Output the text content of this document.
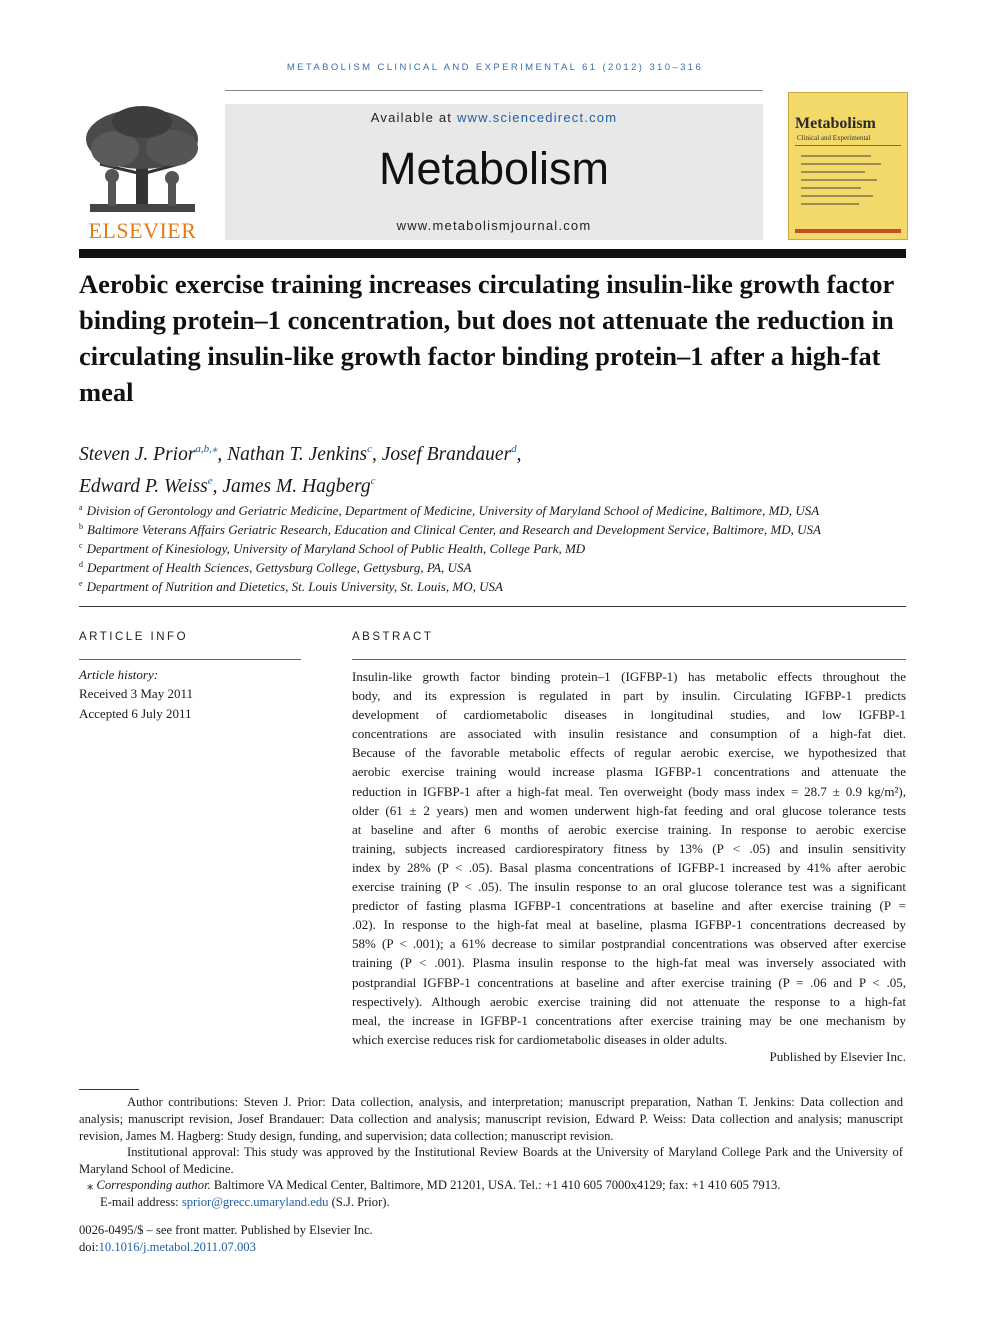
METABOLISM CLINICAL AND EXPERIMENTAL 61 (2012) 310–316
ELSEVIER
Available at www.sciencedirect.com
Metabolism
www.metabolismjournal.com
Metabolism
Clinical and Experimental
Aerobic exercise training increases circulating insulin-like growth factor binding protein–1 concentration, but does not attenuate the reduction in circulating insulin-like growth factor binding protein–1 after a high-fat meal
Steven J. Prior$^{a,b,⁎}$, Nathan T. Jenkins$^c$, Josef Brandauer$^d$,
Edward P. Weiss$^e$, James M. Hagberg$^c$
$^a$ Division of Gerontology and Geriatric Medicine, Department of Medicine, University of Maryland School of Medicine, Baltimore, MD, USA
$^b$ Baltimore Veterans Affairs Geriatric Research, Education and Clinical Center, and Research and Development Service, Baltimore, MD, USA
$^c$ Department of Kinesiology, University of Maryland School of Public Health, College Park, MD
$^d$ Department of Health Sciences, Gettysburg College, Gettysburg, PA, USA
$^e$ Department of Nutrition and Dietetics, St. Louis University, St. Louis, MO, USA
ARTICLE INFO
Article history:
Received 3 May 2011
Accepted 6 July 2011
ABSTRACT
Insulin-like growth factor binding protein–1 (IGFBP-1) has metabolic effects throughout the
body, and its expression is regulated in part by insulin. Circulating IGFBP-1 predicts
development of cardiometabolic diseases in longitudinal studies, and low IGFBP-1
concentrations are associated with insulin resistance and consumption of a high-fat diet.
Because of the favorable metabolic effects of regular aerobic exercise, we hypothesized that
aerobic exercise training would increase plasma IGFBP-1 concentrations and attenuate the
reduction in IGFBP-1 after a high-fat meal. Ten overweight (body mass index = 28.7 ± 0.9 kg/m²),
older (61 ± 2 years) men and women underwent high-fat feeding and oral glucose tolerance tests
at baseline and after 6 months of aerobic exercise training. In response to aerobic exercise
training, subjects increased cardiorespiratory fitness by 13% (P < .05) and insulin sensitivity
index by 28% (P < .05). Basal plasma concentrations of IGFBP-1 increased by 41% after aerobic
exercise training (P < .05). The insulin response to an oral glucose tolerance test was a significant
predictor of fasting plasma IGFBP-1 concentrations at baseline and after exercise training (P =
.02). In response to the high-fat meal at baseline, plasma IGFBP-1 concentrations decreased by
58% (P < .001); a 61% decrease to similar postprandial concentrations was observed after exercise
training (P < .001). Plasma insulin response to the high-fat meal was inversely associated with
postprandial IGFBP-1 concentrations at baseline and after exercise training (P = .06 and P < .05,
respectively). Although aerobic exercise training did not attenuate the response to a high-fat
meal, the increase in IGFBP-1 concentrations after exercise training may be one mechanism by
which exercise reduces risk for cardiometabolic diseases in older adults.
Published by Elsevier Inc.
Author contributions: Steven J. Prior: Data collection, analysis, and interpretation; manuscript preparation, Nathan T. Jenkins: Data collection and analysis; manuscript revision, Josef Brandauer: Data collection and analysis; manuscript revision, Edward P. Weiss: Data collection and analysis; manuscript revision, James M. Hagberg: Study design, funding, and supervision; data collection; manuscript revision.
Institutional approval: This study was approved by the Institutional Review Boards at the University of Maryland College Park and the University of Maryland School of Medicine.
⁎ Corresponding author. Baltimore VA Medical Center, Baltimore, MD 21201, USA. Tel.: +1 410 605 7000x4129; fax: +1 410 605 7913.
E-mail address: sprior@grecc.umaryland.edu (S.J. Prior).
0026-0495/$ – see front matter. Published by Elsevier Inc.
doi:10.1016/j.metabol.2011.07.003
